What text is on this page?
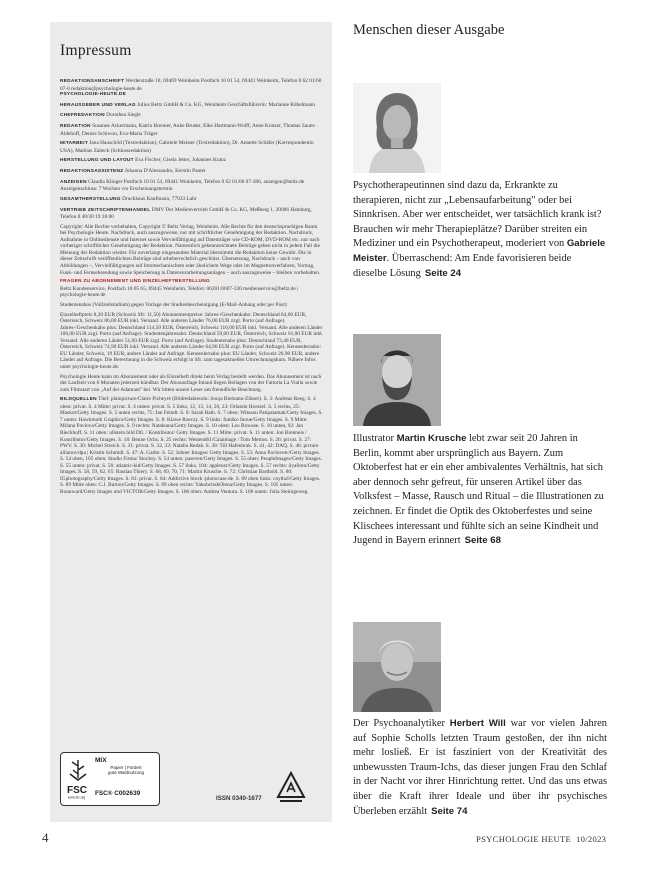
Impressum

REDAKTIONSANSCHRIFT Werderstraße 10, 69469 Weinheim Postfach 10 01 54, 69441 Weinheim, Telefon 0 62 01/60 07-0 redaktion@psychologie-heute.de
PSYCHOLOGIE-HEUTE.DE

HERAUSGEBER UND VERLAG Julius Beltz GmbH & Co. KG, Weinheim Geschäftsführerin: Marianne Rübelmann

CHEFREDAKTION Dorothea Siegle

REDAKTION Susanne Ackermann, Katrin Brenner, Anke Bruder, Elke Hartmann-Wolff, Anne Kratzer, Thomas Saum-Aldehoff, Denise Schiwon, Eva-Maria Träger

MITARBEIT Jana Hauschild (Textredaktion), Gabriele Meister (Textredaktion), Dr. Annette Schäfer (Korrespondentin USA), Mathias Zabeck (Schlussredaktion)

HERSTELLUNG UND LAYOUT Eva Fischer, Gisela Jetter, Johannes Kranz

REDAKTIONSASSISTENZ Johanna D'Alessandro, Kerstin Panter

ANZEIGEN Claudia Klinger Postfach 10 01 54, 69441 Weinheim, Telefon 0 62 01/60 07-386, anzeigen@beltz.de Anzeigenschluss: 7 Wochen vor Erscheinungstermin

GESAMTHERSTELLUNG Druckhaus Kaufmann, 77933 Lahr

VERTRIEB ZEITSCHRIFTENHANDEL DMV Der Medienvertrieb GmbH & Co. KG, Meßberg 1, 20086 Hamburg, Telefon 0 40/30 19 18 00

Copyright: Alle Rechte vorbehalten, Copyright © Beltz Verlag, Weinheim. Alle Rechte für den deutschsprachigen Raum bei Psychologie Heute. Nachdruck, auch auszugsweise, nur mit schriftlicher Genehmigung der Redaktion. Nachdruck, Aufnahme in Onlinedienste und Internet sowie Vervielfältigung auf Datenträger wie CD-ROM, DVD-ROM etc. nur nach vorheriger schriftlicher Genehmigung der Redaktion. Namentlich gekennzeichnete Beiträge geben nicht in jedem Fall die Meinung der Redaktion wieder. Für unverlangt eingesandtes Material übernimmt die Redaktion keine Gewähr. Die in dieser Zeitschrift veröffentlichten Beiträge sind urheberrechtlich geschützt. Übersetzung, Nachdruck – auch von Abbildungen –, Vervielfältigungen auf fotomechanischem oder ähnlichem Wege oder im Magnettonverfahren, Vortrag, Funk- und Fernsehsendung sowie Speicherung in Datenverarbeitungsanlagen – auch auszugsweise – bleiben vorbehalten.

FRAGEN ZU ABONNEMENT UND EINZELHEFTBESTELLUNG
Beltz Kundenservice, Postfach 10 05 65, 69445 Weinheim, Telefon: 06201/6007-330 medienservice@beltz.de | psychologie-heute.de

Studentenabos (Vollzeitstudium) gegen Vorlage der Studienbescheinigung (E-Mail-Anhang oder per Post)

Einzelheftpreis 8,20 EUR (Schweiz Sfr: 11,50) Abonnementpreise: Jahres-/Geschenkabo: Deutschland 84,00 EUR, Österreich, Schweiz 86,00 EUR inkl. Versand. Alle anderen Länder 76,00 EUR zzgl. Porto (auf Anfrage). Jahres-/Geschenkabo plus: Deutschland 114,50 EUR, Österreich, Schweiz 116,00 EUR inkl. Versand. Alle anderen Länder 106,00 EUR zzgl. Porto (auf Anfrage). Studentenjahresabo: Deutschland 59,00 EUR, Österreich, Schweiz 61,00 EUR inkl. Versand. Alle anderen Länder 51,00 EUR zzgl. Porto (auf Anfrage). Studentenabo plus: Deutschland 73,40 EUR, Österreich, Schweiz 74,90 EUR inkl. Versand. Alle anderen Länder 64,90 EUR zzgl. Porto (auf Anfrage). Kennenlernabo: EU Länder, Schweiz, 19 EUR, andere Länder auf Anfrage. Kennenlernabo plus: EU Länder, Schweiz 26,90 EUR, andere Länder auf Anfrage. Die Berechnung in die Schweiz erfolgt in Sfr. zum tagesaktuellen Umrechnungskurs. Nähere Infos unter psychologie-heute.de.

Psychologie Heute kann im Abonnement oder als Einzelheft direkt beim Verlag bestellt werden. Das Abonnement ist nach der Laufzeit von 6 Monaten jederzeit kündbar. Der Abonauflage Inland liegen Beilagen von der Fattoria La Vialla sowie zum Filmstart von „Auf der Adamant" bei. Wir bitten unsere Leser um freundliche Beachtung.

BILDQUELLEN Titel: plainpicture/Claire Picheyre (Bildredakteurin: Sonja Riemann-Zibner). S. 3: Andreas Reeg. S. 4 oben: privat. S. 4 Mitte: privat. S. 4 unten: privat. S. 5 links, 12, 13, 14, 20, 23: Orlando Hoetzel. S. 5 rechts, 25: Maskot/Getty Images. S. 5 unten rechts, 75: Jan Feindt. S. 6: Sarah Bath. S. 7 oben: Witsanu Patipatamak/Getty Images. S. 7 unten: Hawkmoth Graphics/Getty Images. S. 8: Klawe Rzeczy. S. 9 links: fumiko Inoue/Getty Images. S. 9 Mitte: Milana Pavlova/Getty Images. S. 9 rechts: Nataleana/Getty Images. S. 10 oben: Leo Brousse. S. 10 unten, 92: Jan Rieckhoff. S. 11 oben: ullstein bild Dtl. / Kontributor/ Getty Images. S. 11 Mitte: privat. S. 11 unten: Jon Brenneis / Kontributor/Getty Images. S. 18: Benne Ochs. S. 25 rechts: Westend61/Caiaimage / Tom Merton. S. 26: privat. S. 27: PWV. S. 30: Michel Streich. S. 31: privat. S. 32, 33: Natalia Redak. S. 38: Till Hafenbrak. S. 41, 42: DAQ. S. 46: picture alliance/dpa | Kristin Schmidt. S. 47: A. Garbe. S. 52: Johner Images/ Getty Images. S. 53: Anna Pavlovetc/Getty Images. S. 54 oben, 105 oben: Studio Firma/ Stocksy. S. 54 unten: paseven/Getty Images. S. 55 oben: PeopleImages/Getty Images. S. 55 unten: privat. S. 56: atlantic-kid/Getty Images. S. 57 links, 104: appleuzr/Getty Images. S. 57 rechts: ilyaliren/Getty Images. S. 58, 59, 62, 65: Bastian Thiery. S. 68, 69, 70, 71: Martin Krusche. S. 72: Christian Barthold. S. 80: IGphotography/Getty Images. S. 81: privat. S. 84: Addictive Stock /photocase.de. S. 89 oben links: cnythzl/Getty Images. S. 89 Mitte oben: C.J. Burton/Getty Images. S. 89 oben rechts: YakobchukOlena/Getty Images. S. 105 unten: Bounward/Getty Images und VICTOR/Getty Images. S. 106 oben: Andrea Ventura. S. 106 unten: Julia Steinigeweg.

FSC
www.fsc.org
MIX
Papier | Fördert
gute Waldnutzung
FSC® C002639
ISSN 0340-1677
Menschen dieser Ausgabe
Psychotherapeutinnen sind dazu da, Erkrankte zu therapieren, nicht zur „Lebensaufarbeitung" oder bei Sinnkrisen. Aber wer entscheidet, wer tatsächlich krank ist? Brauchen wir mehr Therapieplätze? Darüber streiten ein Mediziner und ein Psychotherapeut, moderiert von Gabriele Meister. Überraschend: Am Ende favorisieren beide dieselbe Lösung Seite 24
Illustrator Martin Krusche lebt zwar seit 20 Jahren in Berlin, kommt aber ursprünglich aus Bayern. Zum Oktoberfest hat er ein eher ambivalentes Verhältnis, hat sich aber dennoch sehr gefreut, für unseren Artikel über das Volksfest – Masse, Rausch und Ritual – die Illustrationen zu zeichnen. Er findet die Optik des Oktoberfestes und seine Klischees interessant und fühlte sich an seine Kindheit und Jugend in Bayern erinnert Seite 68
Der Psychoanalytiker Herbert Will war vor vielen Jahren auf Sophie Scholls letzten Traum gestoßen, der ihn nicht mehr losließ. Er ist fasziniert von der Kreativität des unbewussten Traum-Ichs, das dieser jungen Frau den Schlaf in der Nacht vor ihrer Hinrichtung rettet. Und das uns etwas über die Kraft ihrer Ideale und über ihr psychisches Überleben erzählt Seite 74
4	PSYCHOLOGIE HEUTE 10/2023
